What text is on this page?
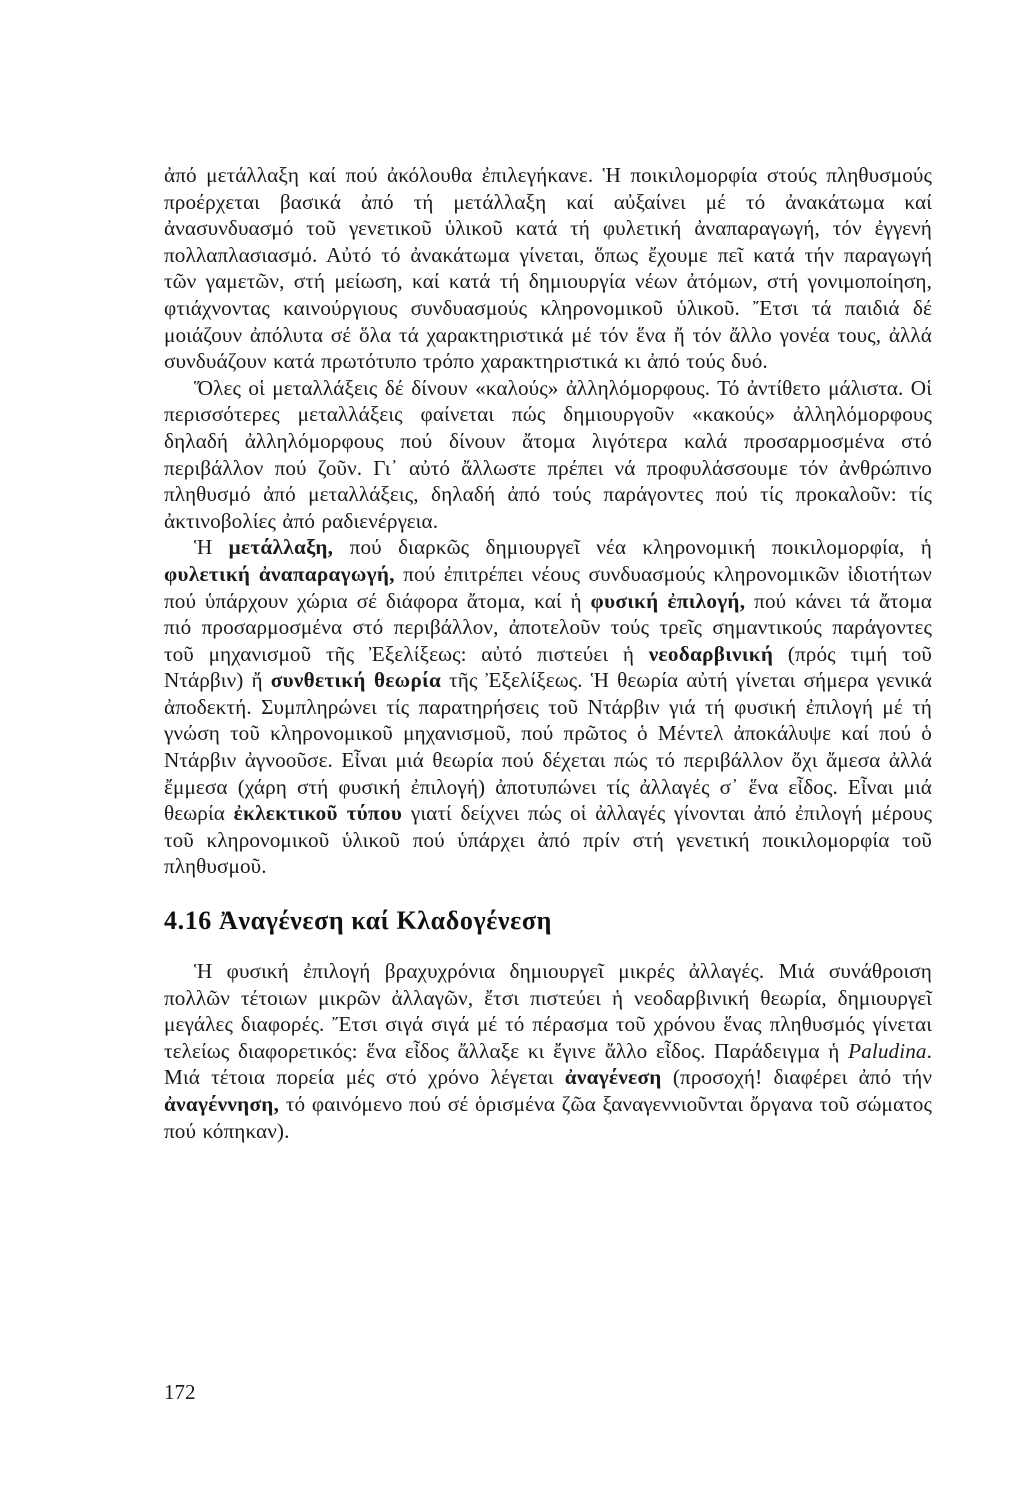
ἀπό μετάλλαξη καί πού ἀκόλουθα ἐπιλεγήκανε. Ἡ ποικιλομορφία στούς πληθυσμούς προέρχεται βασικά ἀπό τή μετάλλαξη καί αὐξαίνει μέ τό ἀνακάτωμα καί ἀνασυνδυασμό τοῦ γενετικοῦ ὑλικοῦ κατά τή φυλετική ἀναπαραγωγή, τόν ἐγγενή πολλαπλασιασμό. Αὐτό τό ἀνακάτωμα γίνεται, ὅπως ἔχουμε πεῖ κατά τήν παραγωγή τῶν γαμετῶν, στή μείωση, καί κατά τή δημιουργία νέων ἀτόμων, στή γονιμοποίηση, φτιάχνοντας καινούργιους συνδυασμούς κληρονομικοῦ ὑλικοῦ. Ἔτσι τά παιδιά δέ μοιάζουν ἀπόλυτα σέ ὅλα τά χαρακτηριστικά μέ τόν ἕνα ἤ τόν ἄλλο γονέα τους, ἀλλά συνδυάζουν κατά πρωτότυπο τρόπο χαρακτηριστικά κι ἀπό τούς δυό.

Ὅλες οἱ μεταλλάξεις δέ δίνουν «καλούς» ἀλληλόμορφους. Τό ἀντίθετο μάλιστα. Οἱ περισσότερες μεταλλάξεις φαίνεται πώς δημιουργοῦν «κακούς» ἀλληλόμορφους δηλαδή ἀλληλόμορφους πού δίνουν ἄτομα λιγότερα καλά προσαρμοσμένα στό περιβάλλον πού ζοῦν. Γι᾽ αὐτό ἄλλωστε πρέπει νά προφυλάσσουμε τόν ἀνθρώπινο πληθυσμό ἀπό μεταλλάξεις, δηλαδή ἀπό τούς παράγοντες πού τίς προκαλοῦν: τίς ἀκτινοβολίες ἀπό ραδιενέργεια.

Ἡ μετάλλαξη, πού διαρκῶς δημιουργεῖ νέα κληρονομική ποικιλομορφία, ἡ φυλετική ἀναπαραγωγή, πού ἐπιτρέπει νέους συνδυασμούς κληρονομικῶν ἰδιοτήτων πού ὑπάρχουν χώρια σέ διάφορα ἄτομα, καί ἡ φυσική ἐπιλογή, πού κάνει τά ἄτομα πιό προσαρμοσμένα στό περιβάλλον, ἀποτελοῦν τούς τρεῖς σημαντικούς παράγοντες τοῦ μηχανισμοῦ τῆς Ἐξελίξεως: αὐτό πιστεύει ἡ νεοδαρβινική (πρός τιμή τοῦ Ντάρβιν) ἤ συνθετική θεωρία τῆς Ἐξελίξεως. Ἡ θεωρία αὐτή γίνεται σήμερα γενικά ἀποδεκτή. Συμπληρώνει τίς παρατηρήσεις τοῦ Ντάρβιν γιά τή φυσική ἐπιλογή μέ τή γνώση τοῦ κληρονομικοῦ μηχανισμοῦ, πού πρῶτος ὁ Μέντελ ἀποκάλυψε καί πού ὁ Ντάρβιν ἀγνοοῦσε. Εἶναι μιά θεωρία πού δέχεται πώς τό περιβάλλον ὄχι ἄμεσα ἀλλά ἔμμεσα (χάρη στή φυσική ἐπιλογή) ἀποτυπώνει τίς ἀλλαγές σ᾽ ἕνα εἶδος. Εἶναι μιά θεωρία ἐκλεκτικοῦ τύπου γιατί δείχνει πώς οἱ ἀλλαγές γίνονται ἀπό ἐπιλογή μέρους τοῦ κληρονομικοῦ ὑλικοῦ πού ὑπάρχει ἀπό πρίν στή γενετική ποικιλομορφία τοῦ πληθυσμοῦ.

4.16 Ἀναγένεση καί Κλαδογένεση

Ἡ φυσική ἐπιλογή βραχυχρόνια δημιουργεῖ μικρές ἀλλαγές. Μιά συνάθροιση πολλῶν τέτοιων μικρῶν ἀλλαγῶν, ἔτσι πιστεύει ἡ νεοδαρβινική θεωρία, δημιουργεῖ μεγάλες διαφορές. Ἔτσι σιγά σιγά μέ τό πέρασμα τοῦ χρόνου ἕνας πληθυσμός γίνεται τελείως διαφορετικός: ἕνα εἶδος ἄλλαξε κι ἔγινε ἄλλο εἶδος. Παράδειγμα ἡ Paludina. Μιά τέτοια πορεία μές στό χρόνο λέγεται ἀναγένεση (προσοχή! διαφέρει ἀπό τήν ἀναγέννηση, τό φαινόμενο πού σέ ὁρισμένα ζῶα ξαναγεννιοῦνται ὄργανα τοῦ σώματος πού κόπηκαν).

172
